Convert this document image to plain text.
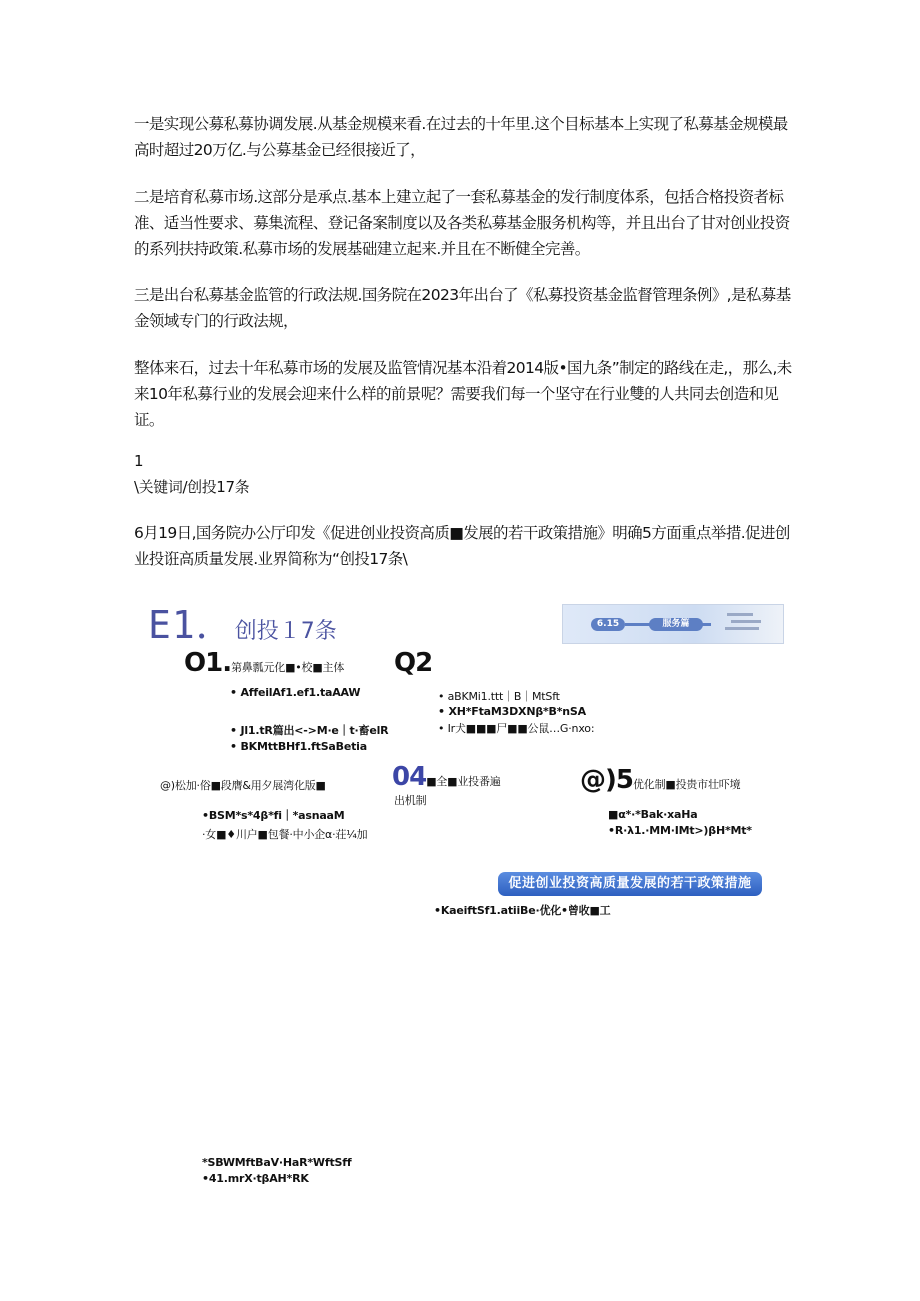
一是实现公募私募协调发展.从基金规模来看.在过去的十年里.这个目标基本上实现了私募基金规模最高时超过20万亿.与公募基金已经很接近了，

二是培育私募市场.这部分是承点.基本上建立起了一套私募基金的发行制度体系，包括合格投资者标准、适当性要求、募集流程、登记备案制度以及各类私募基金服务机构等，并且出台了甘对创业投资的系列扶持政策.私募市场的发展基础建立起来.并且在不断健全完善。

三是出台私募基金监管的行政法规.国务院在2023年出台了《私募投资基金监督管理条例》,是私募基金领域专门的行政法规，

整体来石，过去十年私募市场的发展及监管情况基本沿着2014版•国九条”制定的路线在走,，那么,未来10年私募行业的发展会迎来什么样的前景呢？需要我们每一个坚守在行业雙的人共同去创造和见证。

1
\关键词/创投17条

6月19日,国务院办公厅印发《促进创业投资高质■发展的若干政策措施》明确5方面重点举措.促进创业投诳高质量发展.业界简称为“创投17条\

E1．创投１7条	6.15	服务篇
O1.第鼻瓢元化■•校■主体
• AffeilAf1.ef1.taAAW
• Jl1.tR篇出<->M·e｜t·畜elR
• BKMttBHf1.ftSaBetia
Q2
• aBKMi1.ttt｜B｜MtSft
• XH*FtaM3DXNβ*B*nSA
• Ir犬■■■尸■■公鼠…G·nxo:
@)松加·俗■段膺&用夕展湾化版■
•BSM*s*4β*fi｜*asnaaM
·女■♦川户■包餐·中小企α·荘¼加
04■全■业投番遍
出机制
@)5优化制■投贵市壮吓境
■α*·*Bak·xaHa
•R·λ1.·MM·IMt>)βH*Mt*
促进创业投资高质量发展的若干政策措施
•KaeiftSf1.atiiBe·优化•曾收■工
*SBWMftBaV·HaR*WftSff
•41.mrX·tβAH*RK
